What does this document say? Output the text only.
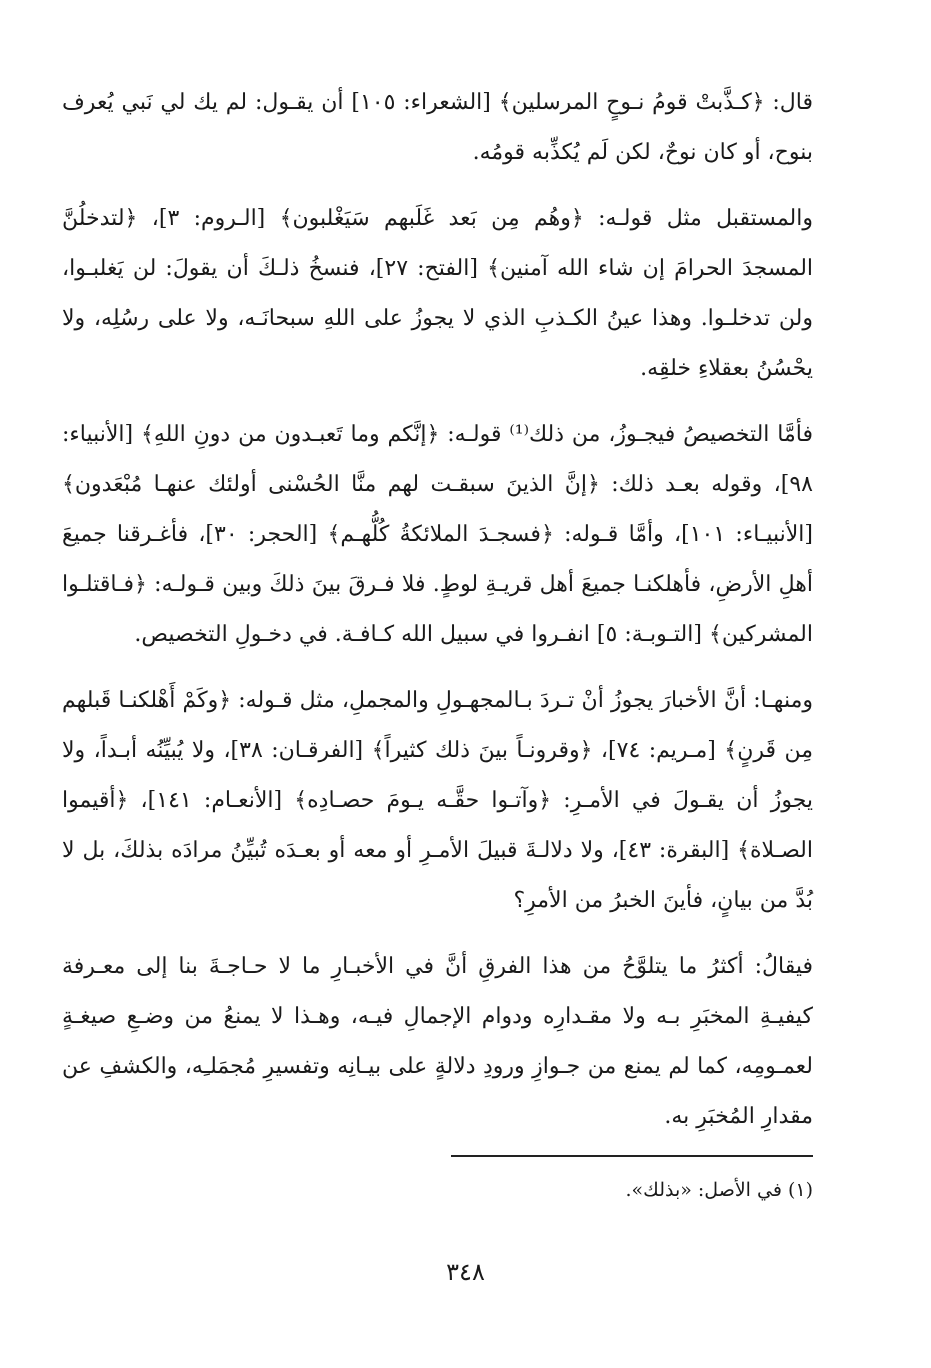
قال: ﴿كـذَّبتْ قومُ نـوحٍ المرسلين﴾ [الشعراء: ١٠٥] أن يقـول: لم يك لي نَبي يُعرف بنوح، أو كان نوحٌ، لكن لَم يُكذِّبه قومُه.

والمستقبل مثل قولـه: ﴿وهُم مِن بَعد غَلَبهم سَيَغْلبون﴾ [الـروم: ٣]، ﴿لتدخلُنَّ المسجدَ الحرامَ إن شاء الله آمنين﴾ [الفتح: ٢٧]، فنسخُ ذلـكَ أن يقولَ: لن يَغلبـوا، ولن تدخلـوا. وهذا عينُ الكـذبِ الذي لا يجوزُ على اللهِ سبحانَـه، ولا على رسُلِه، ولا يحْسُنُ بعقلاءِ خلقِه.

فأمَّا التخصيصُ فيجـوزُ، من ذلك⁽¹⁾ قولـه: ﴿إنَّكم وما تَعبـدون من دونِ اللهِ﴾ [الأنبياء: ٩٨]، وقوله بعـد ذلك: ﴿إنَّ الذينَ سبقـت لهم منَّا الحُسْنى أولئك عنهـا مُبْعَدون﴾ [الأنبيـاء: ١٠١]، وأمَّا قـوله: ﴿فسجـدَ الملائكةُ كُلُّهـم﴾ [الحجر: ٣٠]، فأغـرقنا جميعَ أهلِ الأرضِ، فأهلكنـا جميعَ أهل قريـةِ لوطٍ. فلا فـرقَ بينَ ذلكَ وبين قـولـه: ﴿فـاقتلـوا المشركين﴾ [التـوبـة: ٥] انفـروا في سبيل الله كـافـة. في دخـولِ التخصيص.

ومنهـا: أنَّ الأخبارَ يجوزُ أنْ تـردَ بـالمجهـولِ والمجملِ، مثل قـوله: ﴿وكَمْ أَهْلكنـا قَبلهم مِن قَرنٍ﴾ [مـريم: ٧٤]، ﴿وقرونـاً بينَ ذلك كثيراً﴾ [الفرقـان: ٣٨]، ولا يُبيِّنُه أبـداً، ولا يجوزُ أن يقـولَ في الأمـرِ: ﴿وآتـوا حقَّـه يـومَ حصـادِه﴾ [الأنعـام: ١٤١]، ﴿أقيموا الصـلاة﴾ [البقرة: ٤٣]، ولا دلالـةَ قبيلَ الأمـرِ أو معه أو بعـدَه تُبيِّنُ مرادَه بذلكَ، بل لا بُدَّ من بيانٍ، فأينَ الخبرُ من الأمرِ؟

فيقالُ: أكثرُ ما يتلوَّحُ من هذا الفرقِ أنَّ في الأخبـارِ ما لا حـاجـةَ بنا إلى معـرفة كيفيـةِ المخبَرِ بـه ولا مقـدارِه ودوام الإجمالِ فيـه، وهـذا لا يمنعُ من وضـعِ صيغـةٍ لعمـومِه، كما لم يمنع من جـوازِ ورودِ دلالةٍ على بيـانِه وتفسيرِ مُجمَلـِه، والكشفِ عن مقدارِ المُخبَرِ به.

(١) في الأصل: «بذلك».
٣٤٨
